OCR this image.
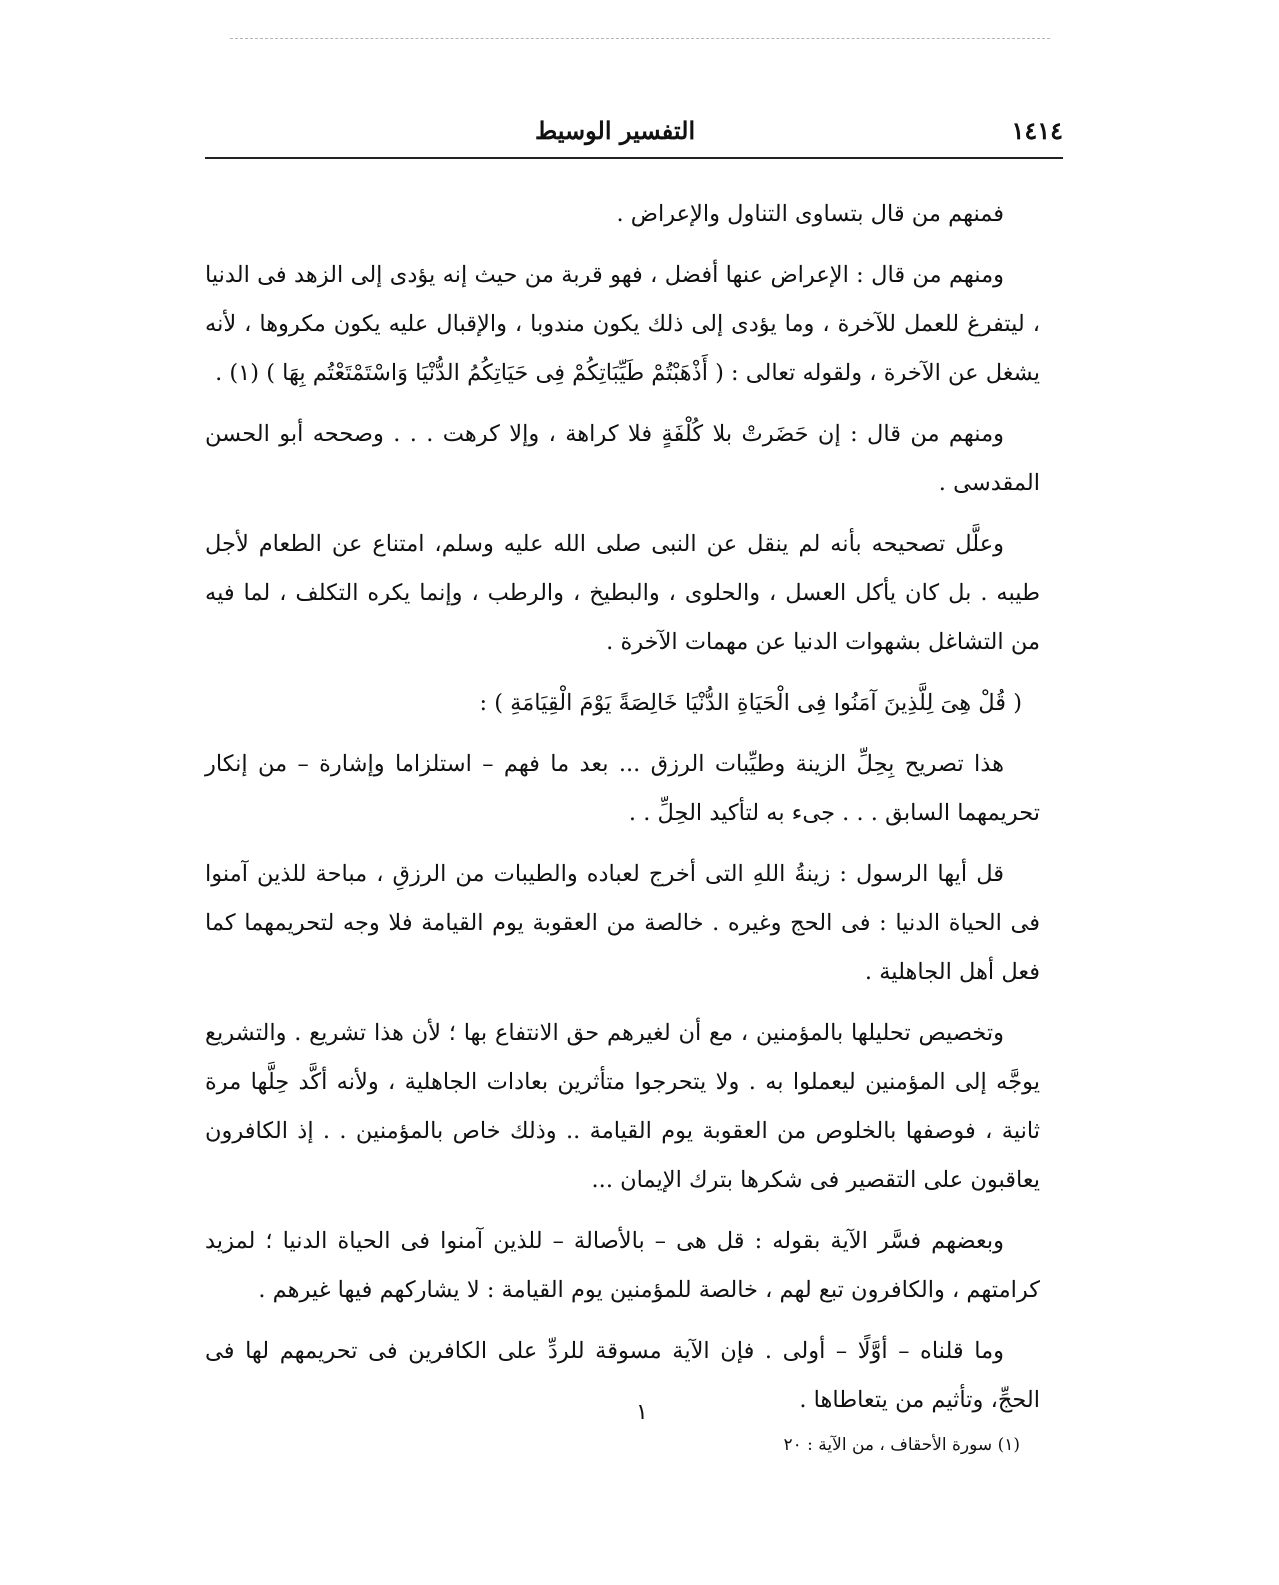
التفسير الوسيط	١٤١٤

فمنهم من قال بتساوى التناول والإعراض .

ومنهم من قال : الإعراض عنها أفضل ، فهو قربة من حيث إنه يؤدى إلى الزهد فى الدنيا ، ليتفرغ للعمل للآخرة ، وما يؤدى إلى ذلك يكون مندوبا ، والإقبال عليه يكون مكروها ، لأنه يشغل عن الآخرة ، ولقوله تعالى : ( أَذْهَبْتُمْ طَيِّبَاتِكُمْ فِى حَيَاتِكُمُ الدُّنْيَا وَاسْتَمْتَعْتُم بِهَا ) (١) .

ومنهم من قال : إن حَضَرتْ بلا كُلْفَةٍ فلا كراهة ، وإلا كرهت . . . وصححه أبو الحسن المقدسى .

وعلَّل تصحيحه بأنه لم ينقل عن النبى صلى الله عليه وسلم، امتناع عن الطعام لأجل طيبه . بل كان يأكل العسل ، والحلوى ، والبطيخ ، والرطب ، وإنما يكره التكلف ، لما فيه من التشاغل بشهوات الدنيا عن مهمات الآخرة .

( قُلْ هِىَ لِلَّذِينَ آمَنُوا فِى الْحَيَاةِ الدُّنْيَا خَالِصَةً يَوْمَ الْقِيَامَةِ ) :

هذا تصريح بِحِلِّ الزينة وطيِّبات الرزق ... بعد ما فهم – استلزاما وإشارة – من إنكار تحريمهما السابق . . . جىء به لتأكيد الحِلِّ . .

قل أيها الرسول : زينةُ اللهِ التى أخرج لعباده والطيبات من الرزقِ ، مباحة للذين آمنوا فى الحياة الدنيا : فى الحج وغيره . خالصة من العقوبة يوم القيامة فلا وجه لتحريمهما كما فعل أهل الجاهلية .

وتخصيص تحليلها بالمؤمنين ، مع أن لغيرهم حق الانتفاع بها ؛ لأن هذا تشريع . والتشريع يوجَّه إلى المؤمنين ليعملوا به . ولا يتحرجوا متأثرين بعادات الجاهلية ، ولأنه أكَّد حِلَّها مرة ثانية ، فوصفها بالخلوص من العقوبة يوم القيامة .. وذلك خاص بالمؤمنين . . إذ الكافرون يعاقبون على التقصير فى شكرها بترك الإيمان ...

وبعضهم فسَّر الآية بقوله : قل هى – بالأصالة – للذين آمنوا فى الحياة الدنيا ؛ لمزيد كرامتهم ، والكافرون تبع لهم ، خالصة للمؤمنين يوم القيامة : لا يشاركهم فيها غيرهم .

وما قلناه – أوَّلًا – أولى . فإن الآية مسوقة للردِّ على الكافرين فى تحريمهم لها فى الحجِّ، وتأثيم من يتعاطاها .

١
(١) سورة الأحقاف ، من الآية : ٢٠
